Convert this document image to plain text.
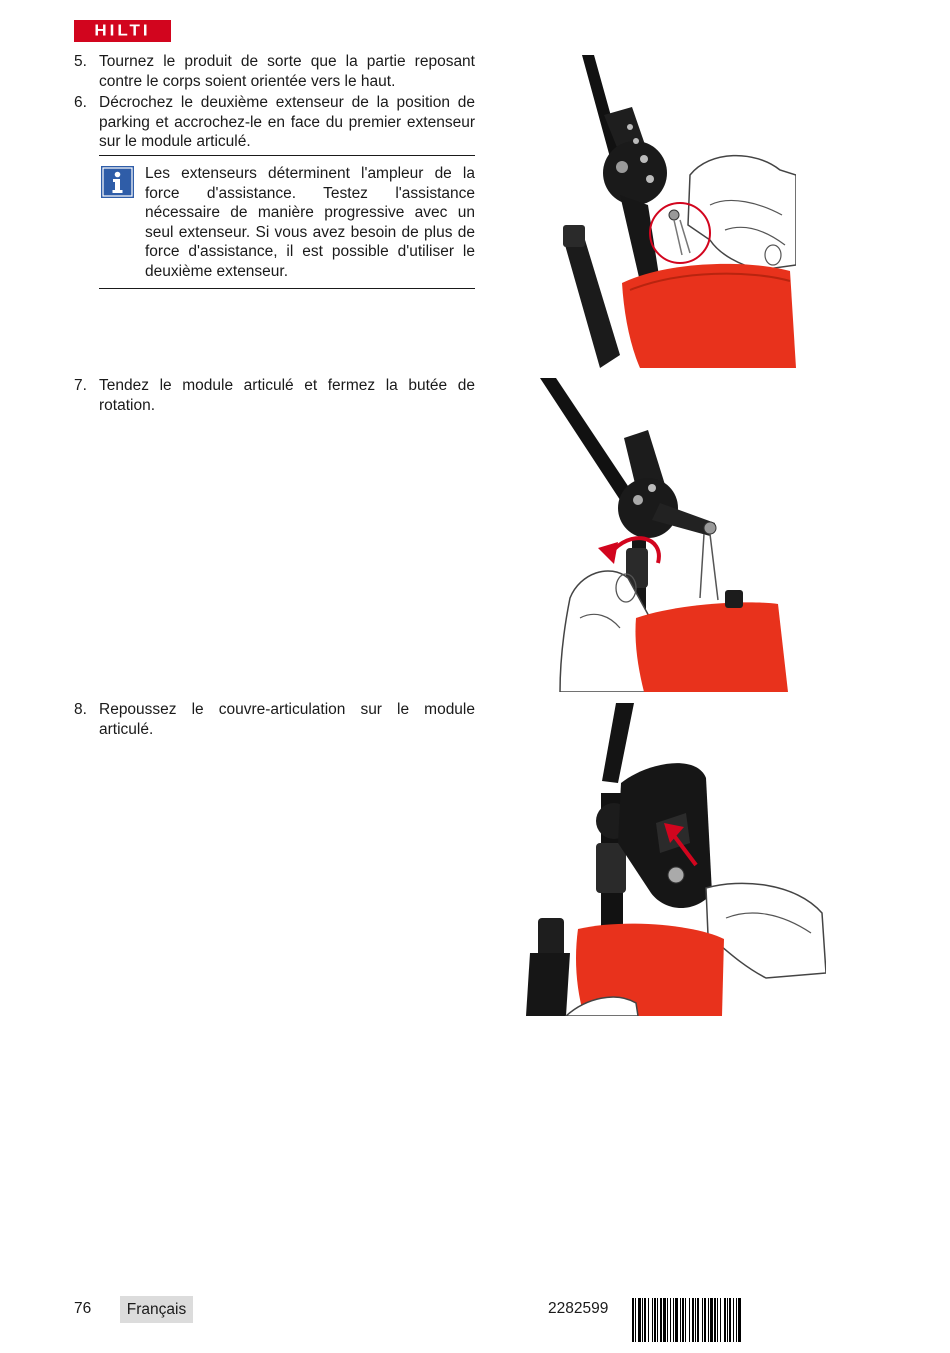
HILTI
5. Tournez le produit de sorte que la partie reposant contre le corps soient orientée vers le haut.
6. Décrochez le deuxième extenseur de la position de parking et accrochez-le en face du premier extenseur sur le module articulé.
Les extenseurs déterminent l'ampleur de la force d'assistance. Testez l'assistance nécessaire de manière progressive avec un seul extenseur. Si vous avez besoin de plus de force d'assistance, il est possible d'utiliser le deuxième extenseur.
7. Tendez le module articulé et fermez la butée de rotation.
8. Repoussez le couvre-articulation sur le module articulé.
76 Français	2282599
